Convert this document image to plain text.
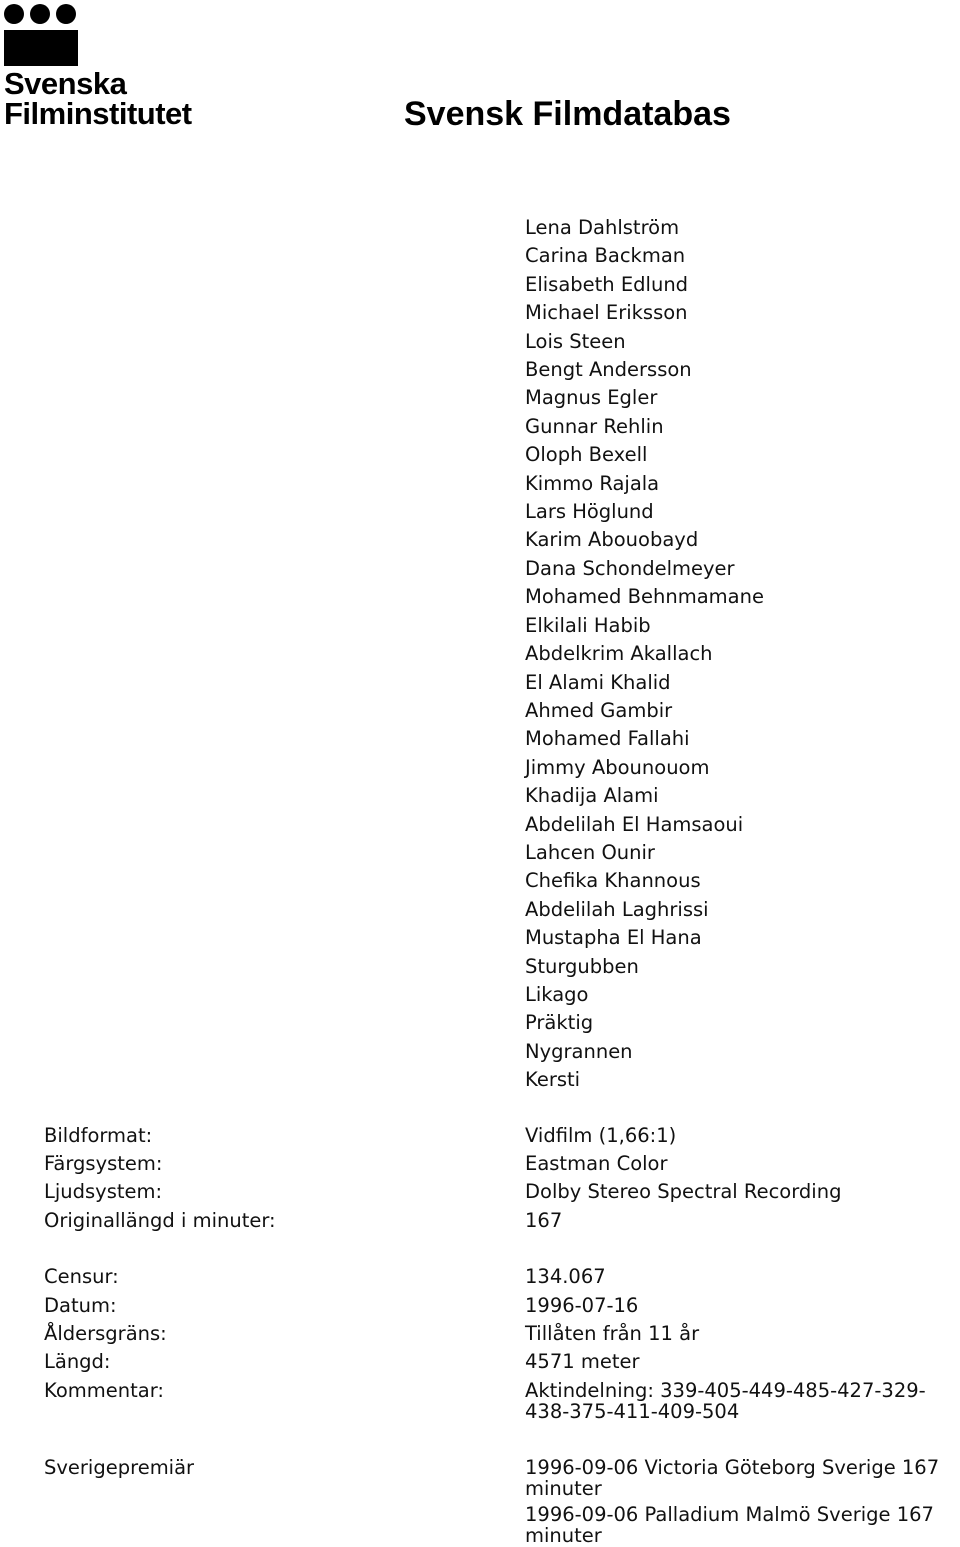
Svenska
Filminstitutet	Svensk Filmdatabas
Lena Dahlström
Carina Backman
Elisabeth Edlund
Michael Eriksson
Lois Steen
Bengt Andersson
Magnus Egler
Gunnar Rehlin
Oloph Bexell
Kimmo Rajala
Lars Höglund
Karim Abouobayd
Dana Schondelmeyer
Mohamed Behnmamane
Elkilali Habib
Abdelkrim Akallach
El Alami Khalid
Ahmed Gambir
Mohamed Fallahi
Jimmy Abounouom
Khadija Alami
Abdelilah El Hamsaoui
Lahcen Ounir
Chefika Khannous
Abdelilah Laghrissi
Mustapha El Hana
Sturgubben
Likago
Präktig
Nygrannen
Kersti
Bildformat:	Vidfilm (1,66:1)
Färgsystem:	Eastman Color
Ljudsystem:	Dolby Stereo Spectral Recording
Originallängd i minuter:	167
Censur:	134.067
Datum:	1996-07-16
Åldersgräns:	Tillåten från 11 år
Längd:	4571 meter
Kommentar:	Aktindelning: 339-405-449-485-427-329-438-375-411-409-504
Sverigepremiär	1996-09-06 Victoria Göteborg Sverige 167 minuter
1996-09-06 Palladium Malmö Sverige 167 minuter
